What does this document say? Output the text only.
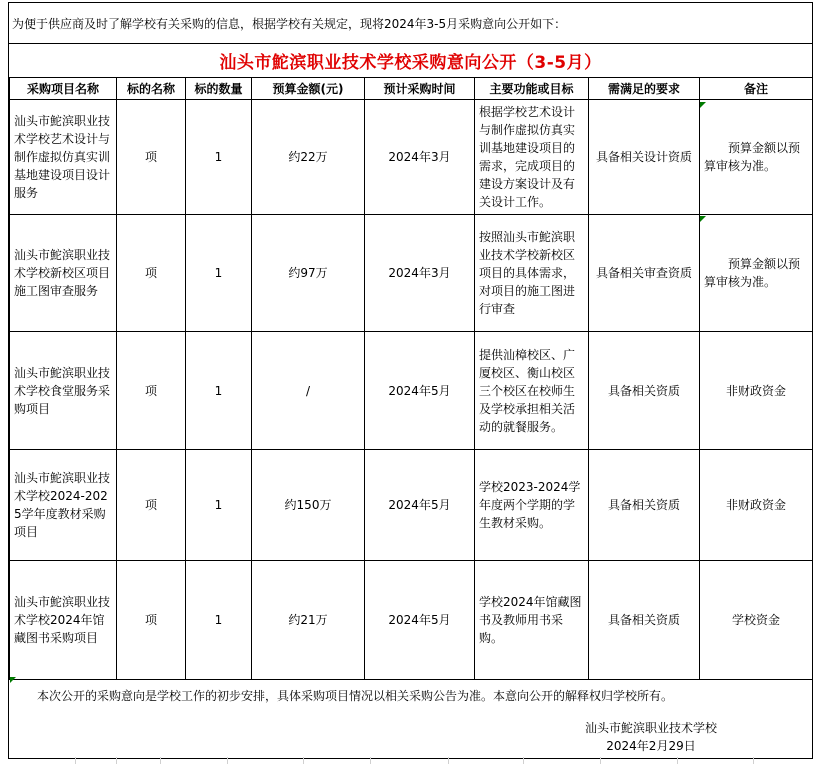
为便于供应商及时了解学校有关采购的信息，根据学校有关规定，现将2024年3-5月采购意向公开如下：
汕头市鮀滨职业技术学校采购意向公开（3-5月）
采购项目名称	标的名称	标的数量	预算金额(元)	预计采购时间	主要功能或目标	需满足的要求	备注
汕头市鮀滨职业技术学校艺术设计与制作虚拟仿真实训基地建设项目设计服务	项	1	约22万	2024年3月	根据学校艺术设计与制作虚拟仿真实训基地建设项目的需求，完成项目的建设方案设计及有关设计工作。	具备相关设计资质	预算金额以预算审核为准。
汕头市鮀滨职业技术学校新校区项目施工图审查服务	项	1	约97万	2024年3月	按照汕头市鮀滨职业技术学校新校区项目的具体需求，对项目的施工图进行审查	具备相关审查资质	预算金额以预算审核为准。
汕头市鮀滨职业技术学校食堂服务采购项目	项	1	/	2024年5月	提供汕樟校区、广厦校区、衡山校区三个校区在校师生及学校承担相关活动的就餐服务。	具备相关资质	非财政资金
汕头市鮀滨职业技术学校2024-2025学年度教材采购项目	项	1	约150万	2024年5月	学校2023-2024学年度两个学期的学生教材采购。	具备相关资质	非财政资金
汕头市鮀滨职业技术学校2024年馆藏图书采购项目	项	1	约21万	2024年5月	学校2024年馆藏图书及教师用书采购。	具备相关资质	学校资金
本次公开的采购意向是学校工作的初步安排，具体采购项目情况以相关采购公告为准。本意向公开的解释权归学校所有。
汕头市鮀滨职业技术学校
2024年2月29日
